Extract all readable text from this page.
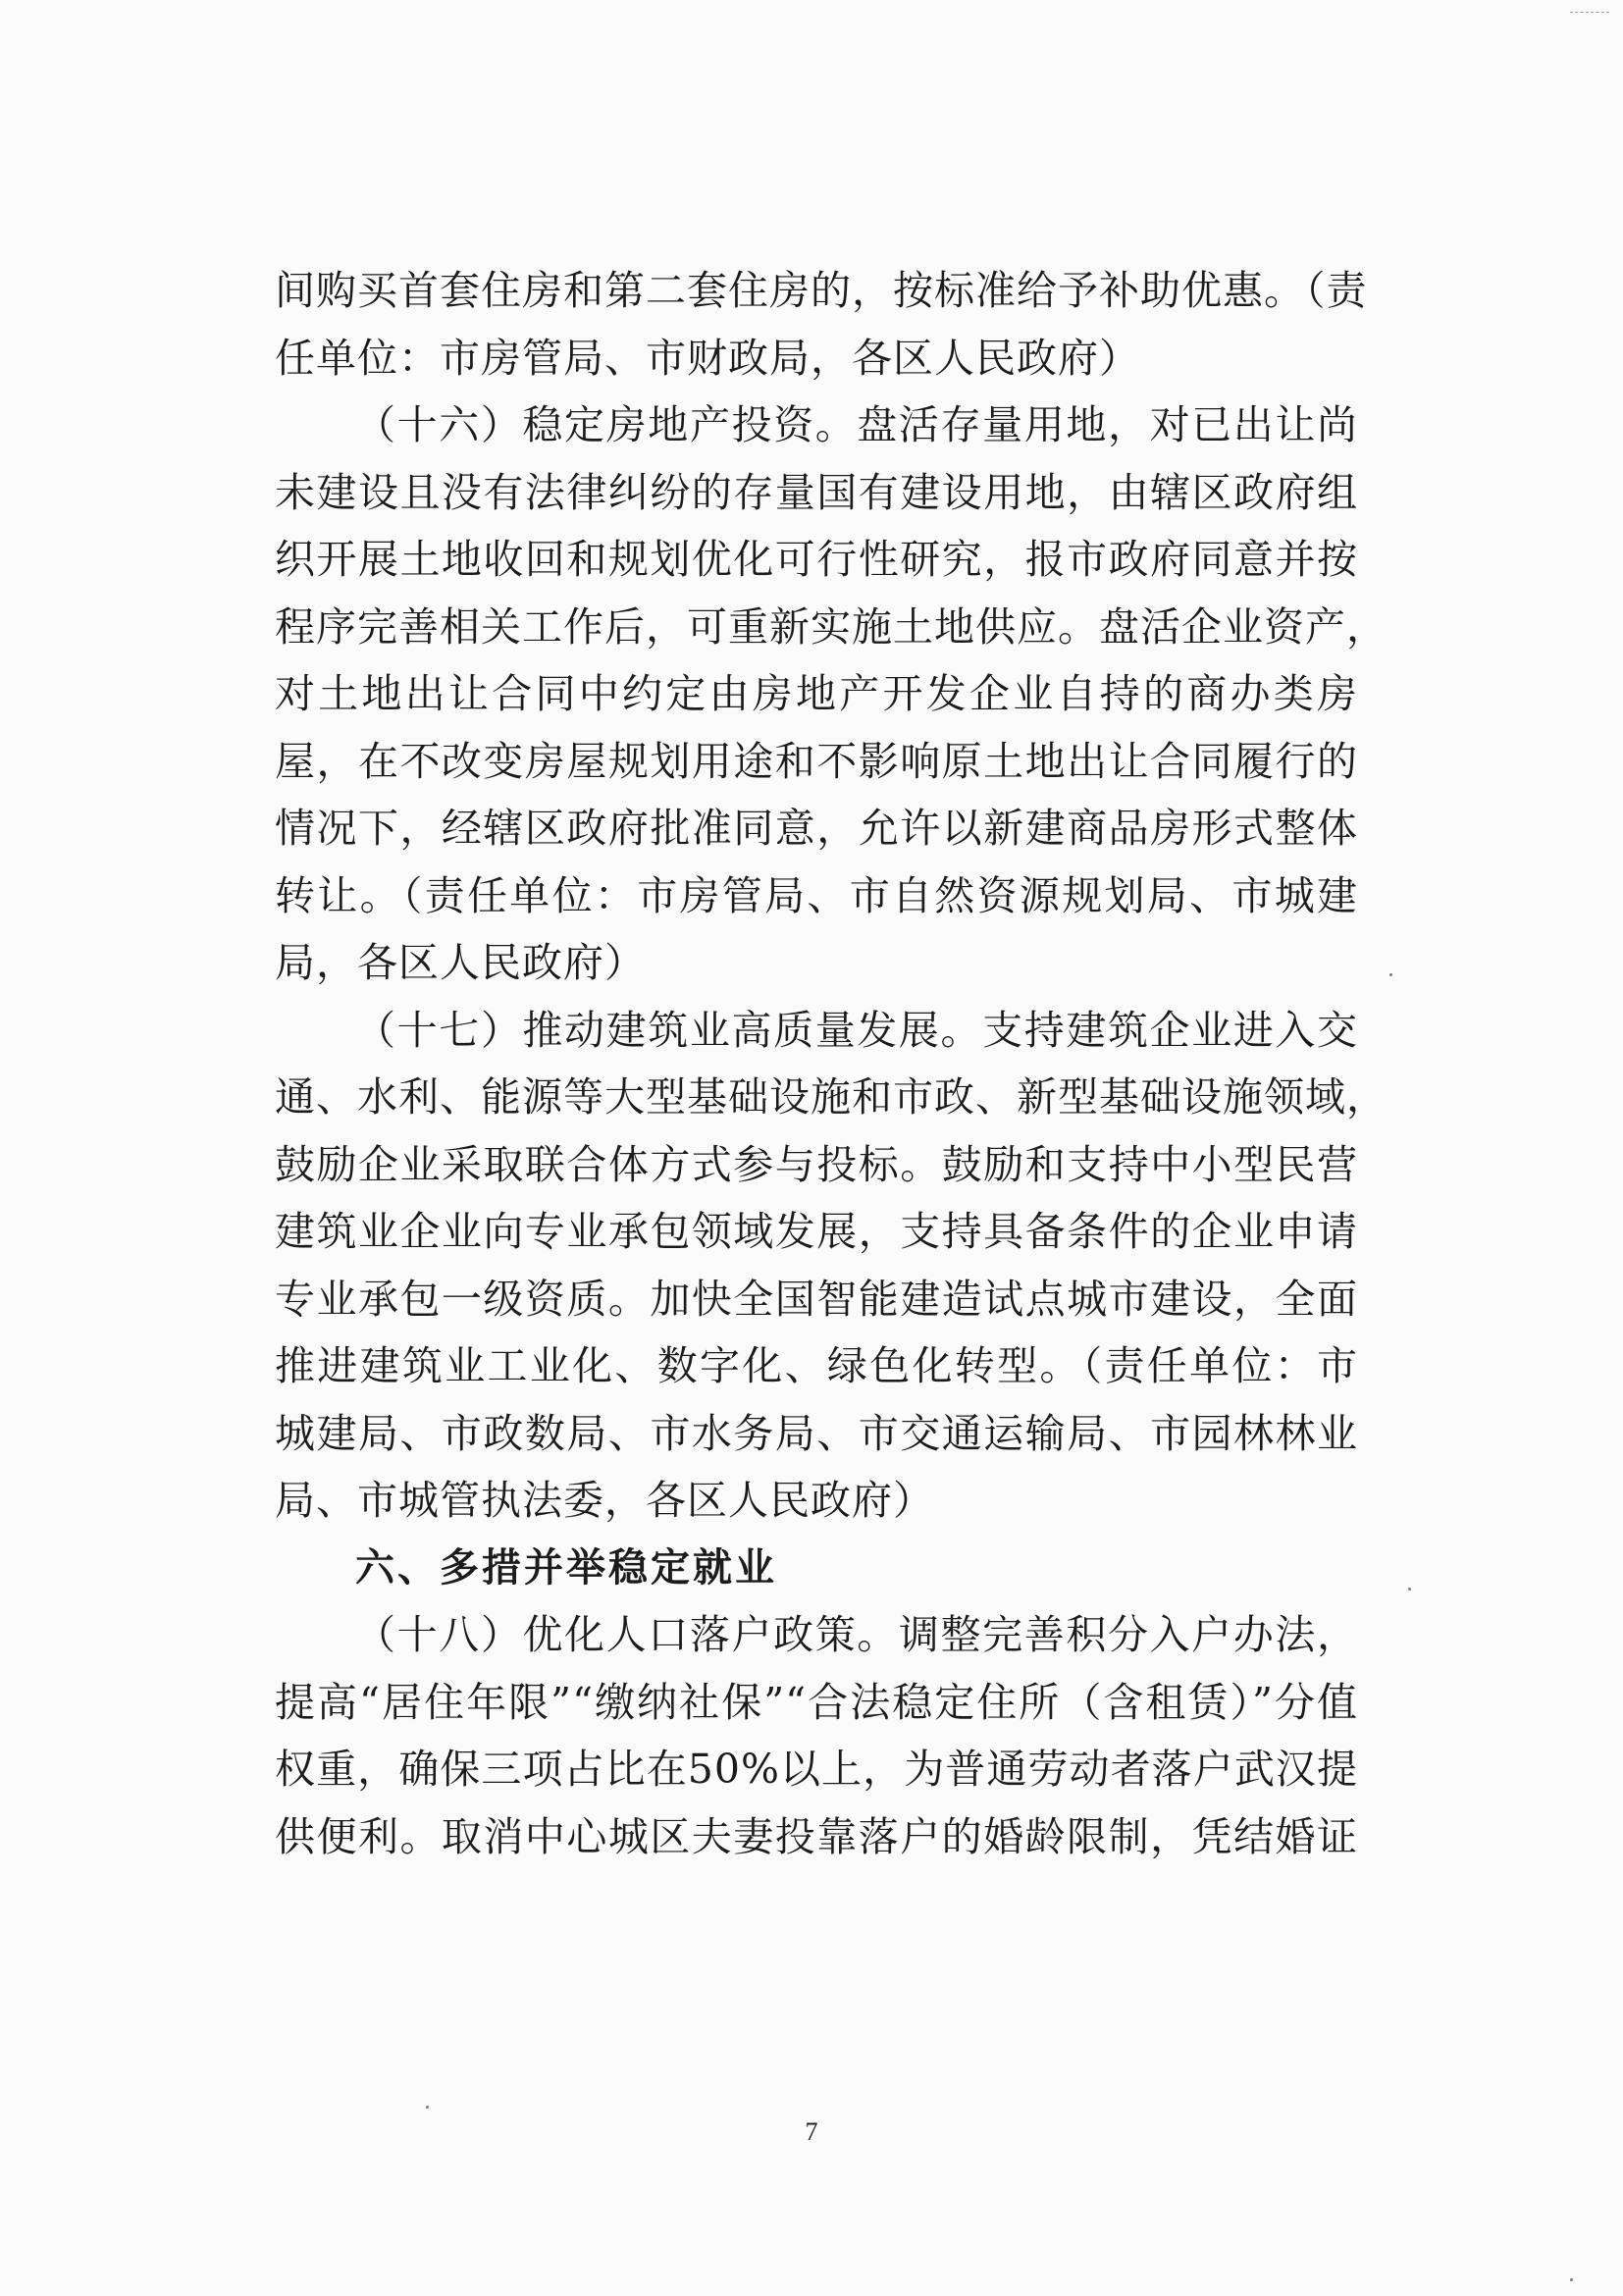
间购买首套住房和第二套住房的，按标准给予补助优惠。（责
任单位：市房管局、市财政局，各区人民政府）
（十六）稳定房地产投资。盘活存量用地，对已出让尚
未建设且没有法律纠纷的存量国有建设用地，由辖区政府组
织开展土地收回和规划优化可行性研究，报市政府同意并按
程序完善相关工作后，可重新实施土地供应。盘活企业资产，
对土地出让合同中约定由房地产开发企业自持的商办类房
屋，在不改变房屋规划用途和不影响原土地出让合同履行的
情况下，经辖区政府批准同意，允许以新建商品房形式整体
转让。（责任单位：市房管局、市自然资源规划局、市城建
局，各区人民政府）
（十七）推动建筑业高质量发展。支持建筑企业进入交
通、水利、能源等大型基础设施和市政、新型基础设施领域，
鼓励企业采取联合体方式参与投标。鼓励和支持中小型民营
建筑业企业向专业承包领域发展，支持具备条件的企业申请
专业承包一级资质。加快全国智能建造试点城市建设，全面
推进建筑业工业化、数字化、绿色化转型。（责任单位：市
城建局、市政数局、市水务局、市交通运输局、市园林林业
局、市城管执法委，各区人民政府）
六、多措并举稳定就业
（十八）优化人口落户政策。调整完善积分入户办法，
提高“居住年限”“缴纳社保”“合法稳定住所（含租赁）”分值
权重，确保三项占比在50%以上，为普通劳动者落户武汉提
供便利。取消中心城区夫妻投靠落户的婚龄限制，凭结婚证
7
